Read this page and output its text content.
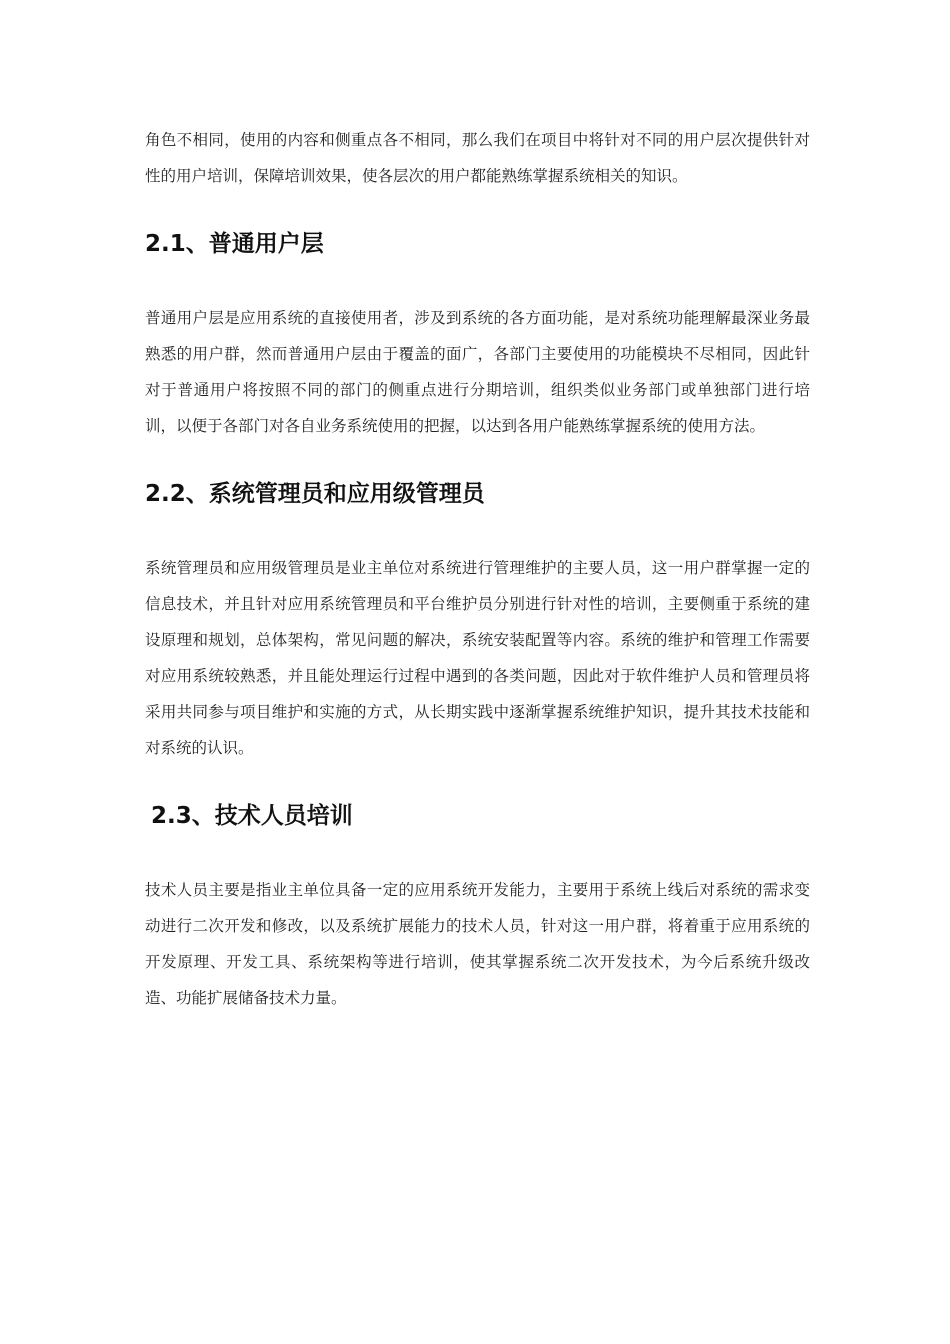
角色不相同，使用的内容和侧重点各不相同，那么我们在项目中将针对不同的用户层次提供针对性的用户培训，保障培训效果，使各层次的用户都能熟练掌握系统相关的知识。

2.1、普通用户层

普通用户层是应用系统的直接使用者，涉及到系统的各方面功能，是对系统功能理解最深业务最熟悉的用户群，然而普通用户层由于覆盖的面广，各部门主要使用的功能模块不尽相同，因此针对于普通用户将按照不同的部门的侧重点进行分期培训，组织类似业务部门或单独部门进行培训，以便于各部门对各自业务系统使用的把握，以达到各用户能熟练掌握系统的使用方法。

2.2、系统管理员和应用级管理员

系统管理员和应用级管理员是业主单位对系统进行管理维护的主要人员，这一用户群掌握一定的信息技术，并且针对应用系统管理员和平台维护员分别进行针对性的培训，主要侧重于系统的建设原理和规划，总体架构，常见问题的解决，系统安装配置等内容。系统的维护和管理工作需要对应用系统较熟悉，并且能处理运行过程中遇到的各类问题，因此对于软件维护人员和管理员将采用共同参与项目维护和实施的方式，从长期实践中逐渐掌握系统维护知识，提升其技术技能和对系统的认识。

2.3、技术人员培训

技术人员主要是指业主单位具备一定的应用系统开发能力，主要用于系统上线后对系统的需求变动进行二次开发和修改，以及系统扩展能力的技术人员，针对这一用户群，将着重于应用系统的开发原理、开发工具、系统架构等进行培训，使其掌握系统二次开发技术，为今后系统升级改造、功能扩展储备技术力量。
